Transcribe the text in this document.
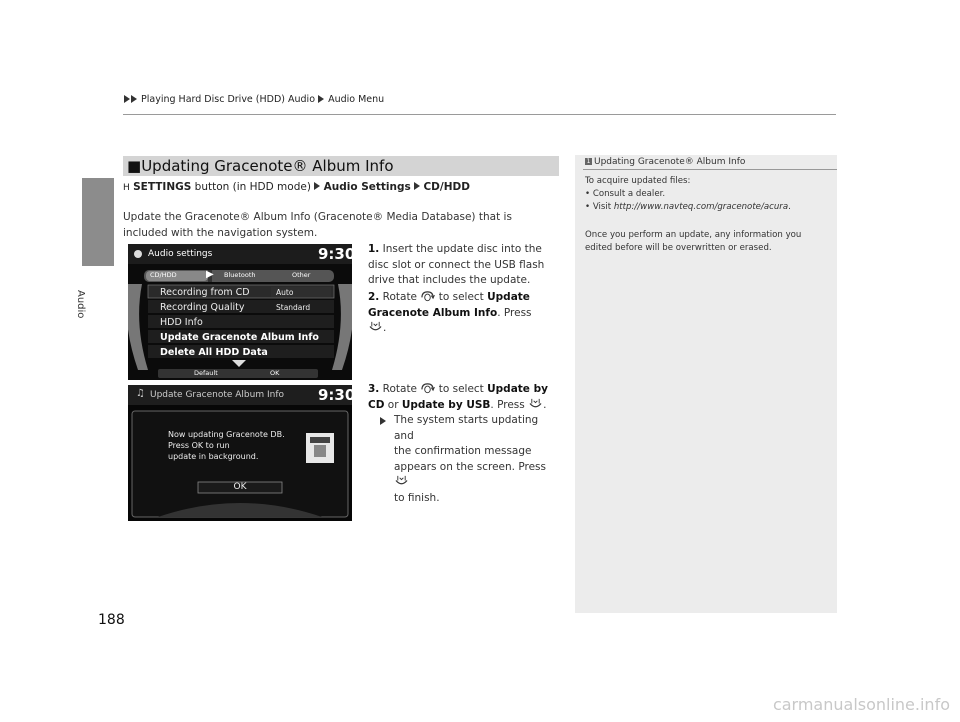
Playing Hard Disc Drive (HDD) Audio Audio Menu
Audio
■Updating Gracenote® Album Info
H SETTINGS button (in HDD mode) Audio Settings CD/HDD
Update the Gracenote® Album Info (Gracenote® Media Database) that is included with the navigation system.
Audio settings	9:30
CD/HDD	▶ Bluetooth	Other
Recording from CD	Auto
Recording Quality	Standard
HDD Info
Update Gracenote Album Info
Delete All HDD Data
Default	OK
♫ Update Gracenote Album Info 9:30
Now updating Gracenote DB.
Press OK to run
update in background.
OK
1. Insert the update disc into the disc slot or connect the USB flash drive that includes the update.
2. Rotate to select Update Gracenote Album Info. Press
.
3. Rotate to select Update by CD or Update by USB. Press .
The system starts updating and
the confirmation message
appears on the screen. Press
to finish.
1 Updating Gracenote® Album Info
To acquire updated files:
• Consult a dealer.
• Visit http://www.navteq.com/gracenote/acura.
Once you perform an update, any information you
edited before will be overwritten or erased.
188
carmanualsonline.info
